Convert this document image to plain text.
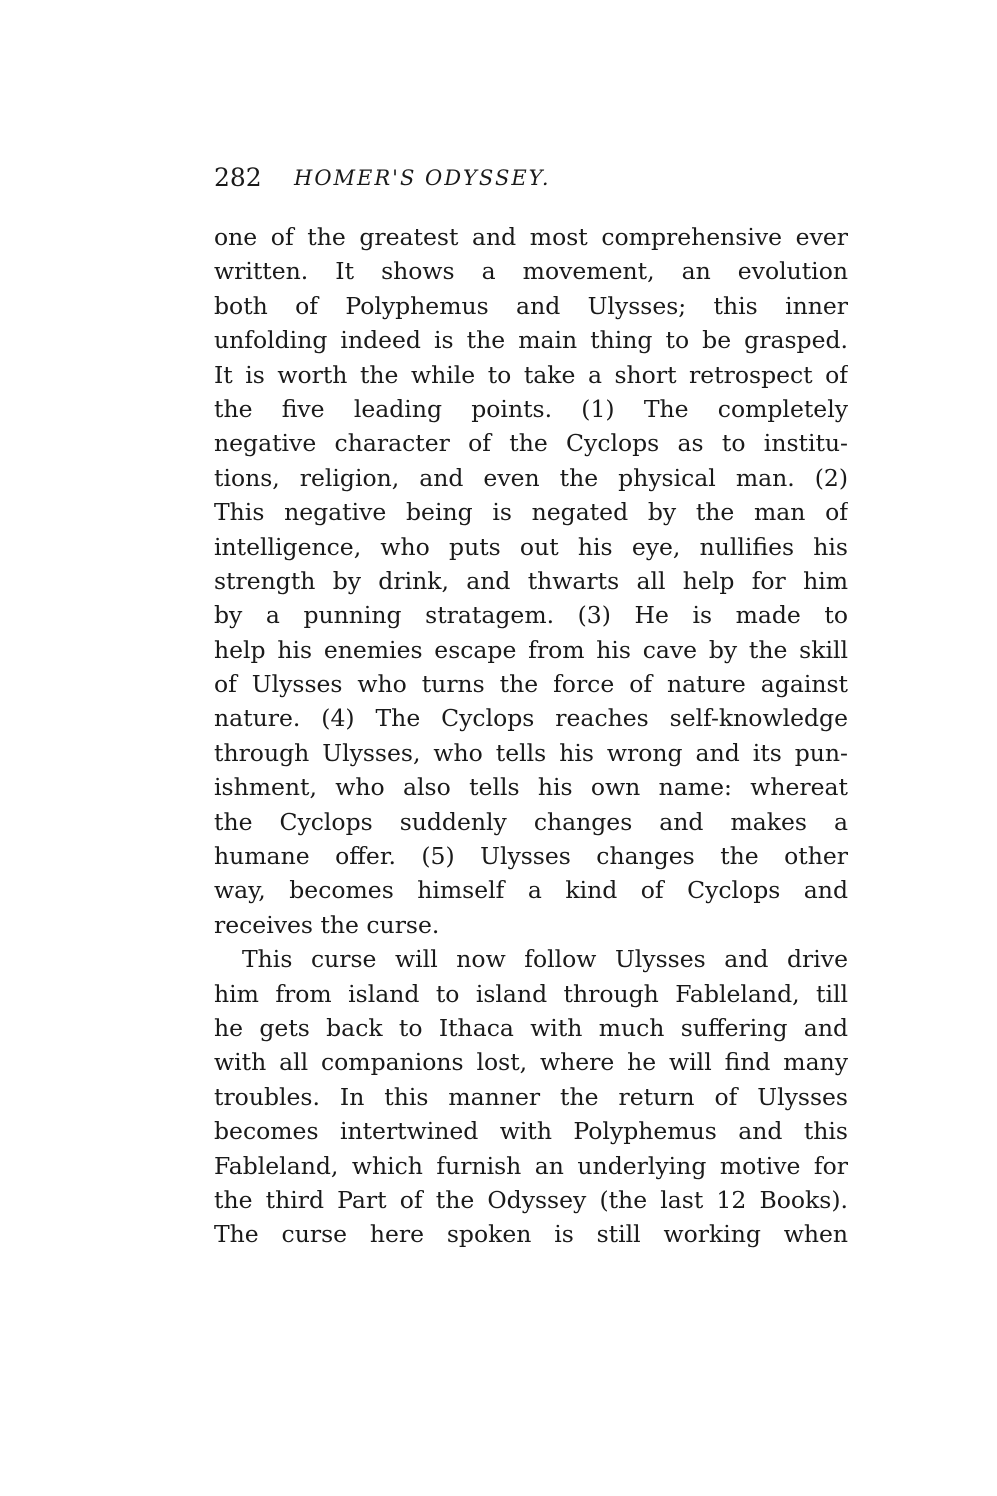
282 HOMER'S ODYSSEY.
one of the greatest and most comprehensive ever
written. It shows a movement, an evolution
both of Polyphemus and Ulysses; this inner
unfolding indeed is the main thing to be grasped.
It is worth the while to take a short retrospect of
the five leading points. (1) The completely
negative character of the Cyclops as to institu-
tions, religion, and even the physical man. (2)
This negative being is negated by the man of
intelligence, who puts out his eye, nullifies his
strength by drink, and thwarts all help for him
by a punning stratagem. (3) He is made to
help his enemies escape from his cave by the skill
of Ulysses who turns the force of nature against
nature. (4) The Cyclops reaches self-knowledge
through Ulysses, who tells his wrong and its pun-
ishment, who also tells his own name: whereat
the Cyclops suddenly changes and makes a
humane offer. (5) Ulysses changes the other
way, becomes himself a kind of Cyclops and
receives the curse.
This curse will now follow Ulysses and drive
him from island to island through Fableland, till
he gets back to Ithaca with much suffering and
with all companions lost, where he will find many
troubles. In this manner the return of Ulysses
becomes intertwined with Polyphemus and this
Fableland, which furnish an underlying motive for
the third Part of the Odyssey (the last 12 Books).
The curse here spoken is still working when
